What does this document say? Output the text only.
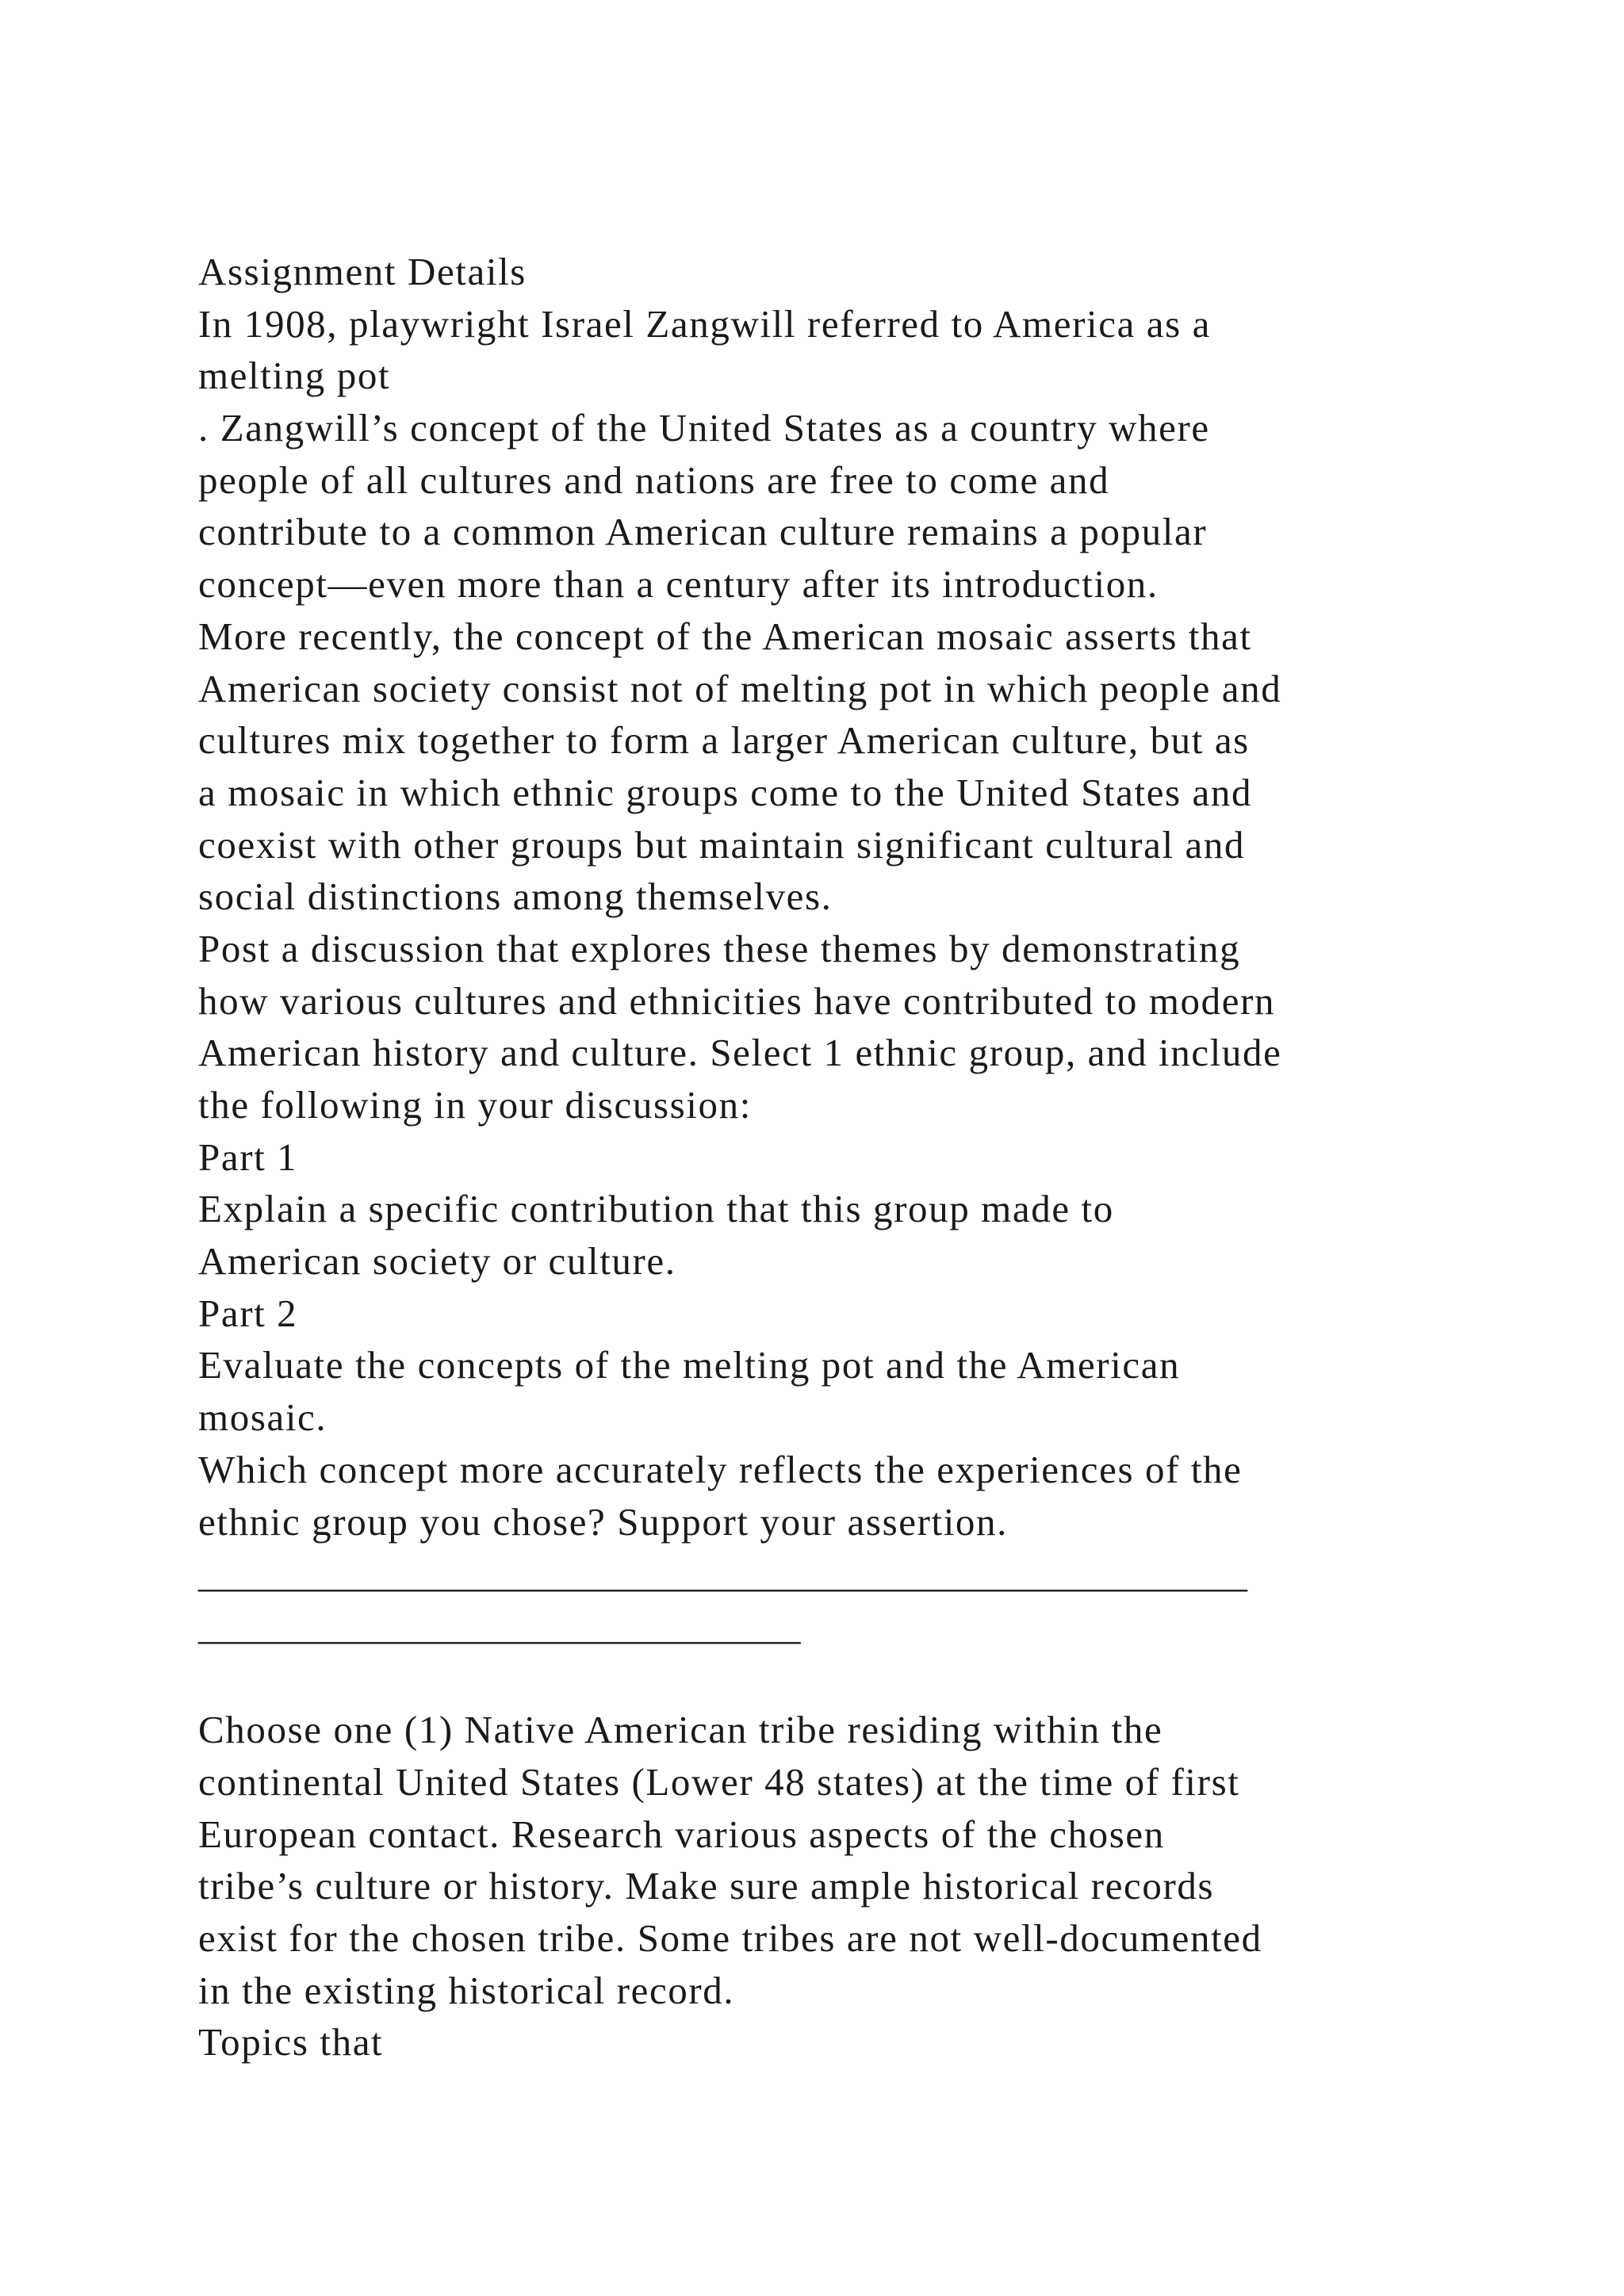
Assignment Details
In 1908, playwright Israel Zangwill referred to America as a
melting pot
. Zangwill’s concept of the United States as a country where
people of all cultures and nations are free to come and
contribute to a common American culture remains a popular
concept—even more than a century after its introduction.
More recently, the concept of the American mosaic asserts that
American society consist not of melting pot in which people and
cultures mix together to form a larger American culture, but as
a mosaic in which ethnic groups come to the United States and
coexist with other groups but maintain significant cultural and
social distinctions among themselves.
Post a discussion that explores these themes by demonstrating
how various cultures and ethnicities have contributed to modern
American history and culture. Select 1 ethnic group, and include
the following in your discussion:
Part 1
Explain a specific contribution that this group made to
American society or culture.
Part 2
Evaluate the concepts of the melting pot and the American
mosaic.
Which concept more accurately reflects the experiences of the
ethnic group you chose? Support your assertion.
______________________________________________________
_______________________________
Choose one (1) Native American tribe residing within the
continental United States (Lower 48 states) at the time of first
European contact. Research various aspects of the chosen
tribe’s culture or history. Make sure ample historical records
exist for the chosen tribe. Some tribes are not well-documented
in the existing historical record.
Topics that
